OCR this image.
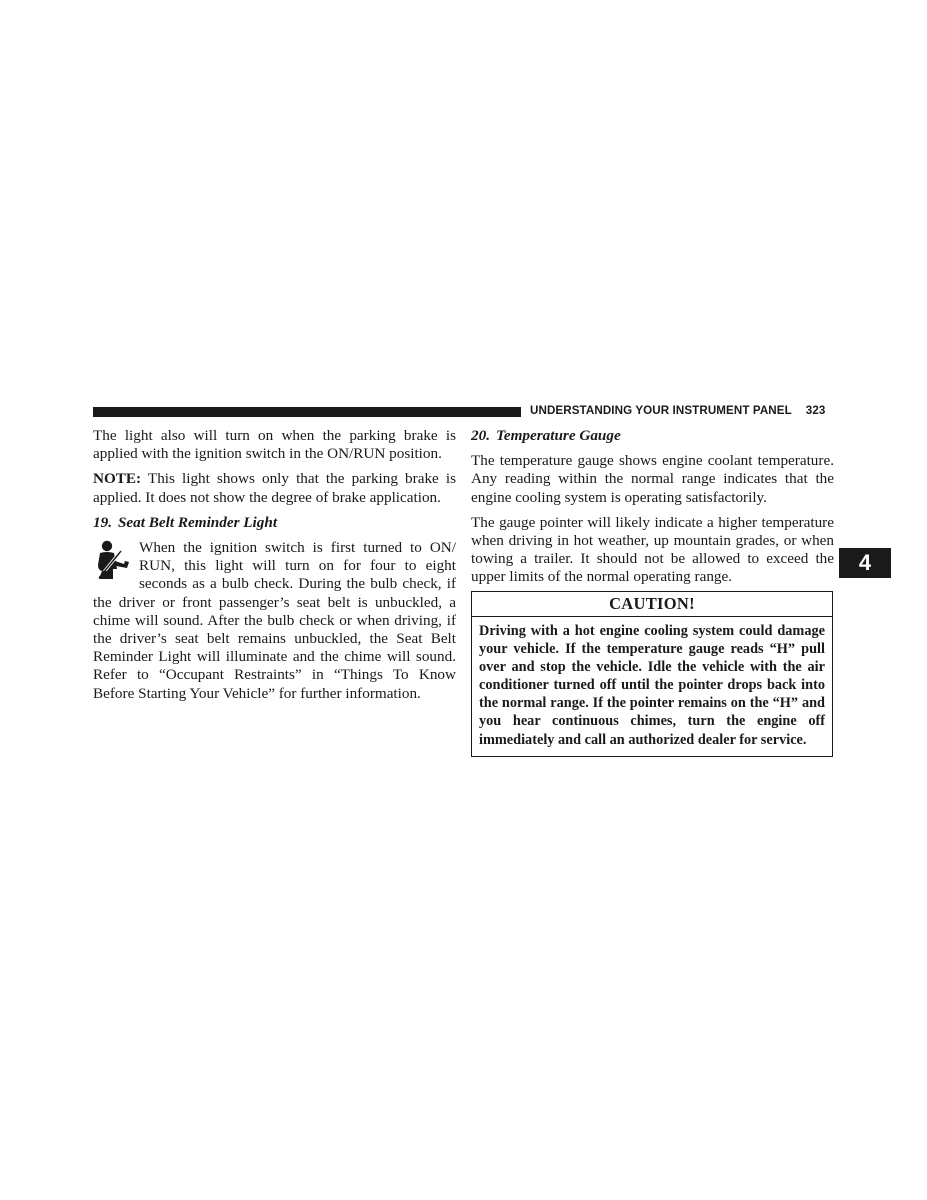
UNDERSTANDING YOUR INSTRUMENT PANEL 323
4

The light also will turn on when the parking brake is applied with the ignition switch in the ON/RUN position.

NOTE: This light shows only that the parking brake is applied. It does not show the degree of brake application.

19. Seat Belt Reminder Light

When the ignition switch is first turned to ON/ RUN, this light will turn on for four to eight seconds as a bulb check. During the bulb check, if the driver or front passenger’s seat belt is unbuckled, a chime will sound. After the bulb check or when driving, if the driver’s seat belt remains unbuckled, the Seat Belt Reminder Light will illuminate and the chime will sound. Refer to “Occupant Restraints” in “Things To Know Before Starting Your Vehicle” for further information.

20. Temperature Gauge

The temperature gauge shows engine coolant temperature. Any reading within the normal range indicates that the engine cooling system is operating satisfactorily.

The gauge pointer will likely indicate a higher temperature when driving in hot weather, up mountain grades, or when towing a trailer. It should not be allowed to exceed the upper limits of the normal operating range.

CAUTION!
Driving with a hot engine cooling system could damage your vehicle. If the temperature gauge reads “H” pull over and stop the vehicle. Idle the vehicle with the air conditioner turned off until the pointer drops back into the normal range. If the pointer remains on the “H” and you hear continuous chimes, turn the engine off immediately and call an authorized dealer for service.
